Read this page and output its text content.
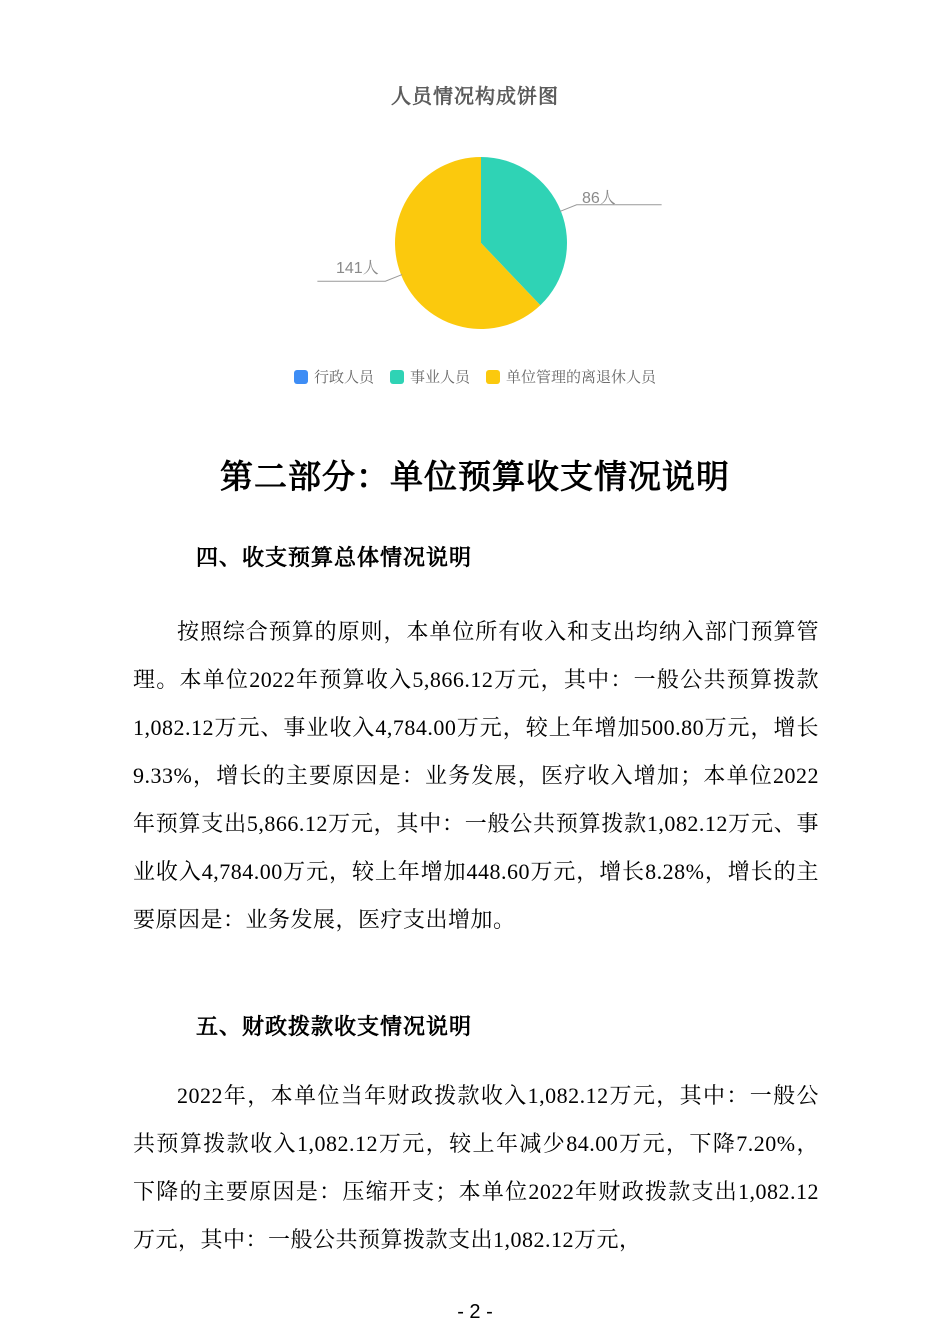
人员情况构成饼图
86人
141人
行政人员 事业人员 单位管理的离退休人员
第二部分：单位预算收支情况说明
四、收支预算总体情况说明

按照综合预算的原则，本单位所有收入和支出均纳入部门预算管理。本单位2022年预算收入5,866.12万元，其中：一般公共预算拨款1,082.12万元、事业收入4,784.00万元，较上年增加500.80万元，增长9.33%，增长的主要原因是：业务发展，医疗收入增加；本单位2022年预算支出5,866.12万元，其中：一般公共预算拨款1,082.12万元、事业收入4,784.00万元，较上年增加448.60万元，增长8.28%，增长的主要原因是：业务发展，医疗支出增加。

五、财政拨款收支情况说明

2022年，本单位当年财政拨款收入1,082.12万元，其中：一般公共预算拨款收入1,082.12万元，较上年减少84.00万元，下降7.20%，下降的主要原因是：压缩开支；本单位2022年财政拨款支出1,082.12万元，其中：一般公共预算拨款支出1,082.12万元，

- 2 -
